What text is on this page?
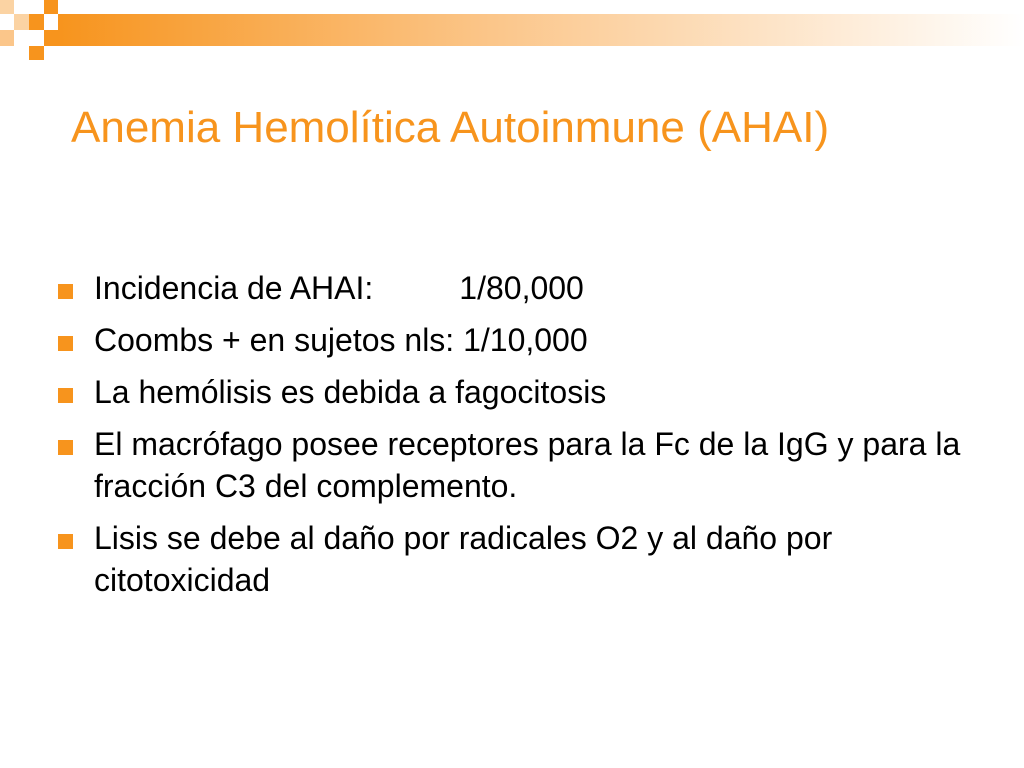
Anemia Hemolítica Autoinmune (AHAI)
Incidencia de AHAI:	1/80,000
Coombs + en sujetos nls: 1/10,000
La hemólisis es debida a fagocitosis
El macrófago posee receptores para la Fc de la IgG y para la fracción C3 del complemento.
Lisis se debe al daño por radicales O2 y al daño por citotoxicidad
